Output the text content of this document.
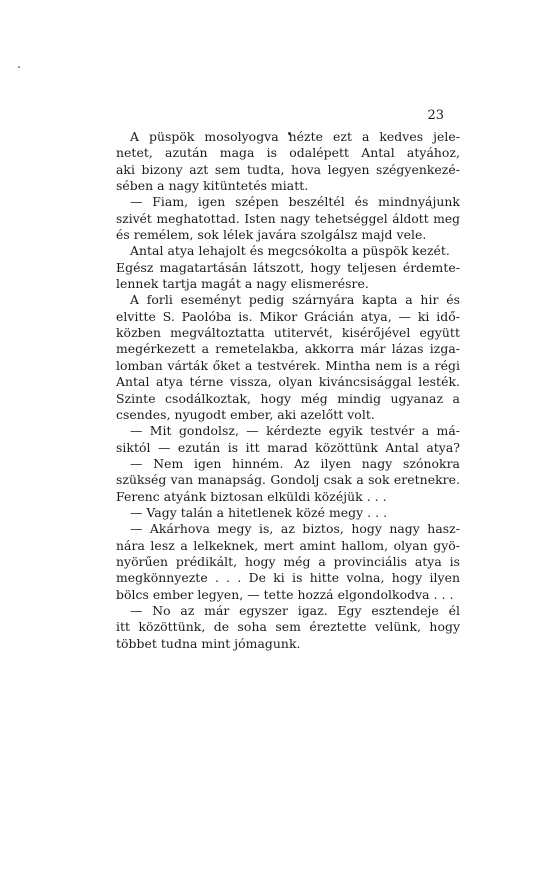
23
A püspök mosolyogva nézte ezt a kedves jele-
netet, azután maga is odalépett Antal atyához,
aki bizony azt sem tudta, hova legyen szégyenkezé-
sében a nagy kitüntetés miatt.
— Fiam, igen szépen beszéltél és mindnyájunk
szivét meghatottad. Isten nagy tehetséggel áldott meg
és remélem, sok lélek javára szolgálsz majd vele.
Antal atya lehajolt és megcsókolta a püspök kezét.
Egész magatartásán látszott, hogy teljesen érdemte-
lennek tartja magát a nagy elismerésre.
A forli eseményt pedig szárnyára kapta a hir és
elvitte S. Paolóba is. Mikor Grácián atya, — ki idő-
közben megváltoztatta utitervét, kisérőjével együtt
megérkezett a remetelakba, akkorra már lázas izga-
lomban várták őket a testvérek. Mintha nem is a régi
Antal atya térne vissza, olyan kiváncsisággal lesték.
Szinte csodálkoztak, hogy még mindig ugyanaz a
csendes, nyugodt ember, aki azelőtt volt.
— Mit gondolsz, — kérdezte egyik testvér a má-
siktól — ezután is itt marad közöttünk Antal atya?
— Nem igen hinném. Az ilyen nagy szónokra
szükség van manapság. Gondolj csak a sok eretnekre.
Ferenc atyánk biztosan elküldi közéjük . . .
— Vagy talán a hitetlenek közé megy . . .
— Akárhova megy is, az biztos, hogy nagy hasz-
nára lesz a lelkeknek, mert amint hallom, olyan gyö-
nyörűen prédikált, hogy még a provinciális atya is
megkönnyezte . . . De ki is hitte volna, hogy ilyen
bölcs ember legyen, — tette hozzá elgondolkodva . . .
— No az már egyszer igaz. Egy esztendeje él
itt közöttünk, de soha sem éreztette velünk, hogy
többet tudna mint jómagunk.
